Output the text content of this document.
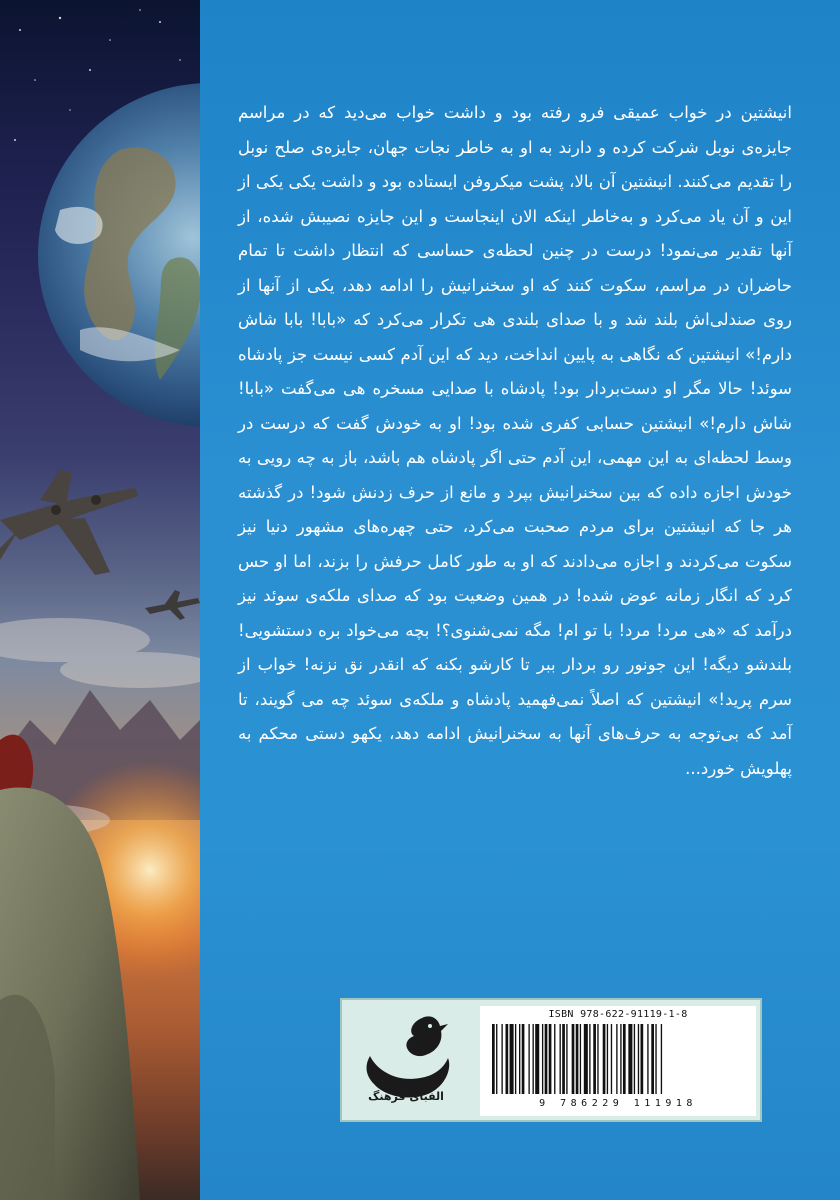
انیشتین در خواب عمیقی فرو رفته بود و داشت خواب می‌دید که در مراسم جایزه‌ی نوبل شرکت کرده و دارند به او به خاطر نجات جهان، جایزه‌ی صلح نوبل را تقدیم می‌کنند. انیشتین آن بالا، پشت میکروفن ایستاده بود و داشت یکی یکی از این و آن یاد می‌کرد و به‌خاطر اینکه الان اینجاست و این جایزه نصیبش شده، از آنها تقدیر می‌نمود! درست در چنین لحظه‌ی حساسی که انتظار داشت تا تمام حاضران در مراسم، سکوت کنند که او سخنرانیش را ادامه دهد، یکی از آنها از روی صندلی‌اش بلند شد و با صدای بلندی هی تکرار می‌کرد که «بابا! بابا شاش دارم!» انیشتین که نگاهی به پایین انداخت، دید که این آدم کسی نیست جز پادشاه سوئد! حالا مگر او دست‌بردار بود! پادشاه با صدایی مسخره هی می‌گفت «بابا! شاش دارم!» انیشتین حسابی کفری شده بود! او به خودش گفت که درست در وسط لحظه‌ای به این مهمی، این آدم حتی اگر پادشاه هم باشد، باز به چه رویی به خودش اجازه داده که بین سخنرانیش بپرد و مانع از حرف زدنش شود! در گذشته هر جا که انیشتین برای مردم صحبت می‌کرد، حتی چهره‌های مشهور دنیا نیز سکوت می‌کردند و اجازه می‌دادند که او به طور کامل حرفش را بزند، اما او حس کرد که انگار زمانه عوض شده! در همین وضعیت بود که صدای ملکه‌ی سوئد نیز درآمد که «هی مرد! مرد! با تو ام! مگه نمی‌شنوی؟! بچه می‌خواد بره دستشویی! بلندشو دیگه! این جونور رو بردار ببر تا کارشو بکنه که انقدر نق نزنه! خواب از سرم پرید!» انیشتین که اصلاً نمی‌فهمید پادشاه و ملکه‌ی سوئد چه می گویند، تا آمد که بی‌توجه به حرف‌های آنها به سخنرانیش ادامه دهد، یکهو دستی محکم به پهلویش خورد...

الفبای فرهنگ
ISBN 978-622-91119-1-8
9 786229 111918
